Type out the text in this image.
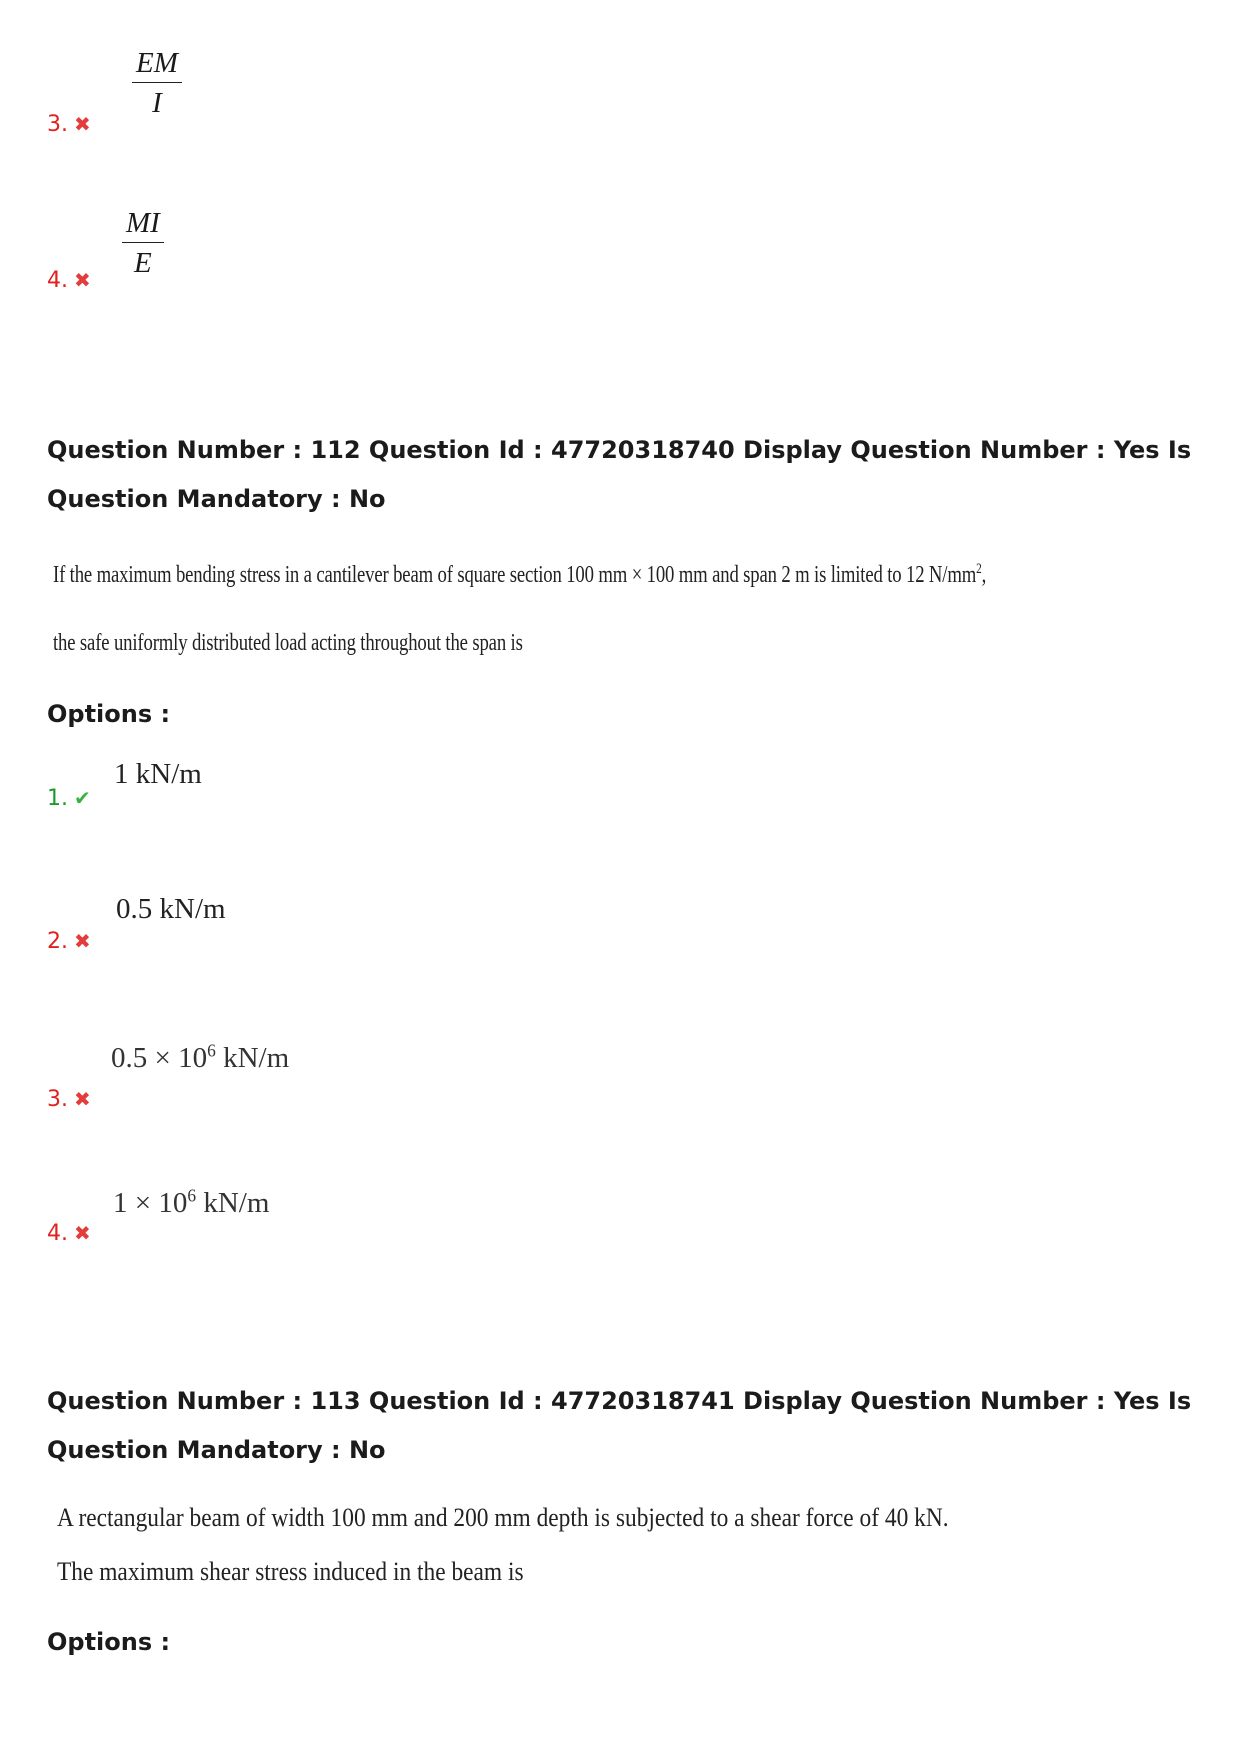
$\frac{EM}{I}$
3. ✖
$\frac{MI}{E}$
4. ✖
Question Number : 112 Question Id : 47720318740 Display Question Number : Yes Is Question Mandatory : No
If the maximum bending stress in a cantilever beam of square section 100 mm × 100 mm and span 2 m is limited to 12 $N/mm^2$,
the safe uniformly distributed load acting throughout the span is
Options :
1 kN/m
1. ✔
0.5 kN/m
2. ✖
$0.5 \times 10^6$ kN/m
3. ✖
$1 \times 10^6$ kN/m
4. ✖
Question Number : 113 Question Id : 47720318741 Display Question Number : Yes Is Question Mandatory : No
A rectangular beam of width 100 mm and 200 mm depth is subjected to a shear force of 40 kN.
The maximum shear stress induced in the beam is
Options :
